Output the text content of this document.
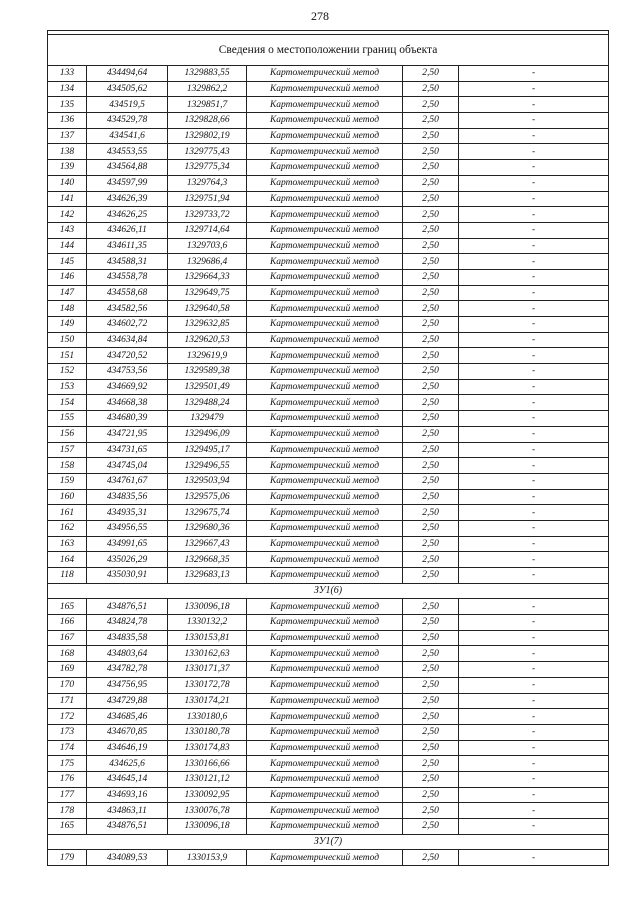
278

Сведения о местоположении границ объекта					
133	434494,64	1329883,55	Картометрический метод	2,50	-
134	434505,62	1329862,2	Картометрический метод	2,50	-
135	434519,5	1329851,7	Картометрический метод	2,50	-
136	434529,78	1329828,66	Картометрический метод	2,50	-
137	434541,6	1329802,19	Картометрический метод	2,50	-
138	434553,55	1329775,43	Картометрический метод	2,50	-
139	434564,88	1329775,34	Картометрический метод	2,50	-
140	434597,99	1329764,3	Картометрический метод	2,50	-
141	434626,39	1329751,94	Картометрический метод	2,50	-
142	434626,25	1329733,72	Картометрический метод	2,50	-
143	434626,11	1329714,64	Картометрический метод	2,50	-
144	434611,35	1329703,6	Картометрический метод	2,50	-
145	434588,31	1329686,4	Картометрический метод	2,50	-
146	434558,78	1329664,33	Картометрический метод	2,50	-
147	434558,68	1329649,75	Картометрический метод	2,50	-
148	434582,56	1329640,58	Картометрический метод	2,50	-
149	434602,72	1329632,85	Картометрический метод	2,50	-
150	434634,84	1329620,53	Картометрический метод	2,50	-
151	434720,52	1329619,9	Картометрический метод	2,50	-
152	434753,56	1329589,38	Картометрический метод	2,50	-
153	434669,92	1329501,49	Картометрический метод	2,50	-
154	434668,38	1329488,24	Картометрический метод	2,50	-
155	434680,39	1329479	Картометрический метод	2,50	-
156	434721,95	1329496,09	Картометрический метод	2,50	-
157	434731,65	1329495,17	Картометрический метод	2,50	-
158	434745,04	1329496,55	Картометрический метод	2,50	-
159	434761,67	1329503,94	Картометрический метод	2,50	-
160	434835,56	1329575,06	Картометрический метод	2,50	-
161	434935,31	1329675,74	Картометрический метод	2,50	-
162	434956,55	1329680,36	Картометрический метод	2,50	-
163	434991,65	1329667,43	Картометрический метод	2,50	-
164	435026,29	1329668,35	Картометрический метод	2,50	-
118	435030,91	1329683,13	Картометрический метод	2,50	-
ЗУ1(6)					
165	434876,51	1330096,18	Картометрический метод	2,50	-
166	434824,78	1330132,2	Картометрический метод	2,50	-
167	434835,58	1330153,81	Картометрический метод	2,50	-
168	434803,64	1330162,63	Картометрический метод	2,50	-
169	434782,78	1330171,37	Картометрический метод	2,50	-
170	434756,95	1330172,78	Картометрический метод	2,50	-
171	434729,88	1330174,21	Картометрический метод	2,50	-
172	434685,46	1330180,6	Картометрический метод	2,50	-
173	434670,85	1330180,78	Картометрический метод	2,50	-
174	434646,19	1330174,83	Картометрический метод	2,50	-
175	434625,6	1330166,66	Картометрический метод	2,50	-
176	434645,14	1330121,12	Картометрический метод	2,50	-
177	434693,16	1330092,95	Картометрический метод	2,50	-
178	434863,11	1330076,78	Картометрический метод	2,50	-
165	434876,51	1330096,18	Картометрический метод	2,50	-
ЗУ1(7)					
179	434089,53	1330153,9	Картометрический метод	2,50	-
